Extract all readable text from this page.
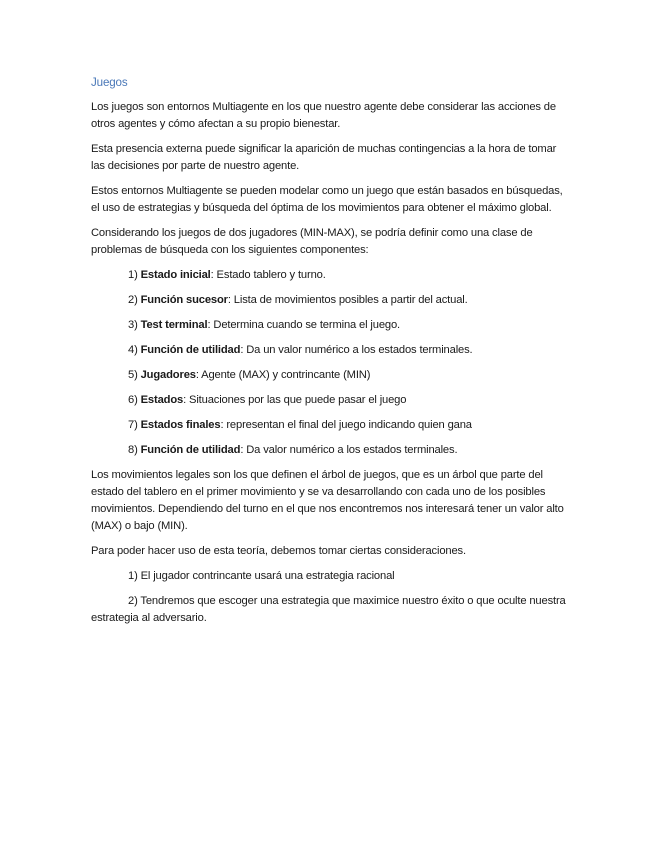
Juegos

Los juegos son entornos Multiagente en los que nuestro agente debe considerar las acciones de otros agentes y cómo afectan a su propio bienestar.

Esta presencia externa puede significar la aparición de muchas contingencias a la hora de tomar las decisiones por parte de nuestro agente.

Estos entornos Multiagente se pueden modelar como un juego que están basados en búsquedas, el uso de estrategias y búsqueda del óptima de los movimientos para obtener el máximo global.

Considerando los juegos de dos jugadores (MIN-MAX), se podría definir como una clase de problemas de búsqueda con los siguientes componentes:

1) Estado inicial: Estado tablero y turno.

2) Función sucesor: Lista de movimientos posibles a partir del actual.

3) Test terminal: Determina cuando se termina el juego.

4) Función de utilidad: Da un valor numérico a los estados terminales.

5) Jugadores: Agente (MAX) y contrincante (MIN)

6) Estados: Situaciones por las que puede pasar el juego

7) Estados finales: representan el final del juego indicando quien gana

8) Función de utilidad: Da valor numérico a los estados terminales.

Los movimientos legales son los que definen el árbol de juegos, que es un árbol que parte del estado del tablero en el primer movimiento y se va desarrollando con cada uno de los posibles movimientos. Dependiendo del turno en el que nos encontremos nos interesará tener un valor alto (MAX) o bajo (MIN).

Para poder hacer uso de esta teoría, debemos tomar ciertas consideraciones.

1) El jugador contrincante usará una estrategia racional

2) Tendremos que escoger una estrategia que maximice nuestro éxito o que oculte nuestra estrategia al adversario.
